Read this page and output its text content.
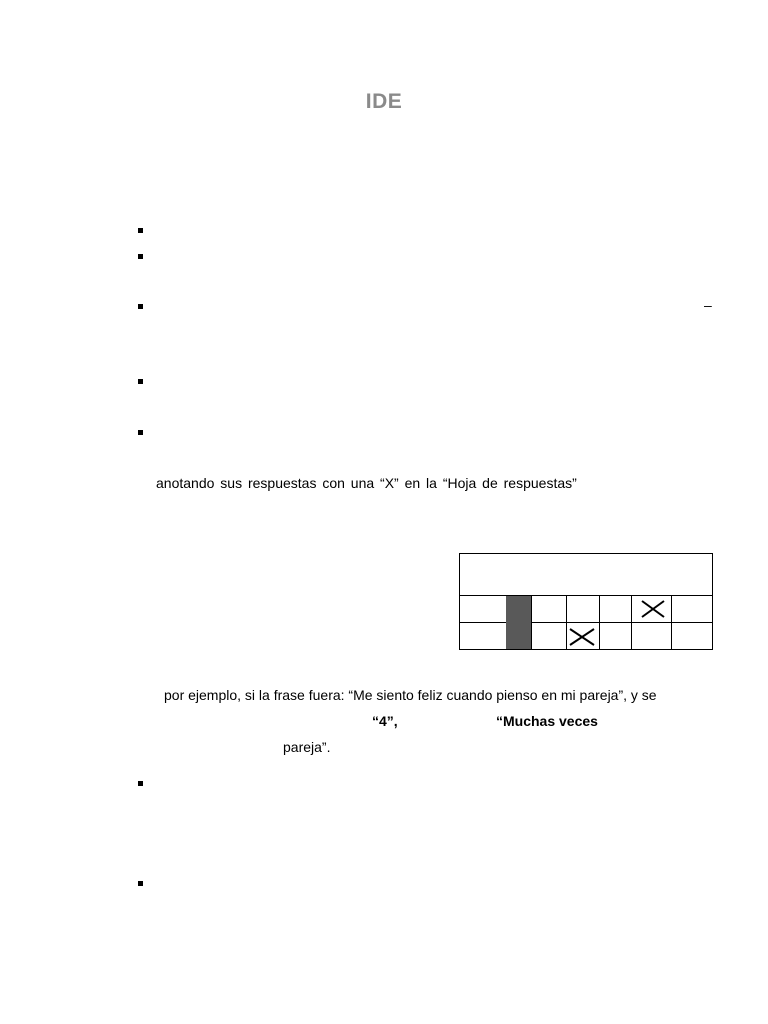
IDE
–
anotando sus respuestas con una “X” en la “Hoja de respuestas”
por ejemplo, si la frase fuera: “Me siento feliz cuando pienso en mi pareja”, y se
“4”,	“Muchas veces
pareja”.
